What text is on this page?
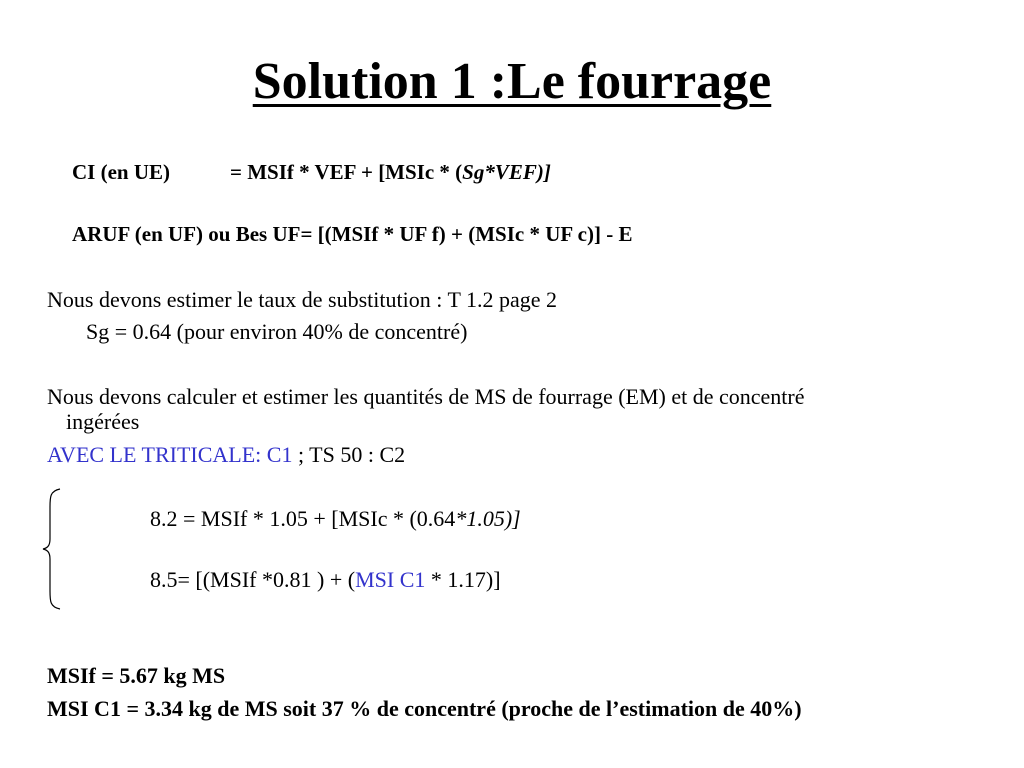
Solution 1 :Le fourrage
CI (en UE)	= MSIf * VEF + [MSIc * (Sg*VEF)]
ARUF (en UF) ou Bes UF= [(MSIf * UF f) + (MSIc * UF c)] - E
Nous devons estimer le taux de substitution : T 1.2 page 2
Sg = 0.64 (pour environ 40% de concentré)
Nous devons calculer et estimer les quantités de MS de fourrage (EM) et de concentré
ingérées
AVEC LE TRITICALE: C1 ; TS 50 : C2
8.2 = MSIf * 1.05 + [MSIc * (0.64*1.05)]
8.5= [(MSIf *0.81 ) + (MSI C1 * 1.17)]
MSIf = 5.67 kg MS
MSI C1 = 3.34 kg de MS soit 37 % de concentré (proche de l’estimation de 40%)
